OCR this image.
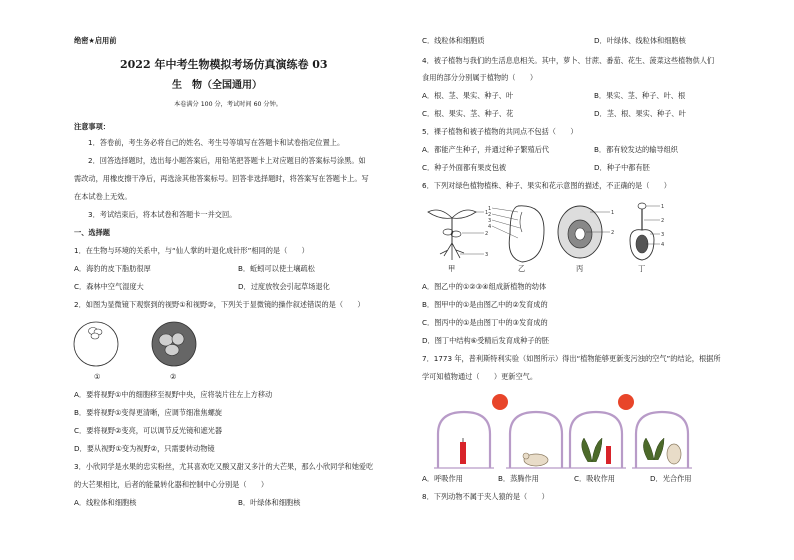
绝密★启用前
2022 年中考生物模拟考场仿真演练卷 03
生　物（全国通用）
本卷满分 100 分，考试时间 60 分钟。
注意事项：
1．答卷前，考生务必将自己的姓名、考生号等填写在答题卡和试卷指定位置上。
2．回答选择题时，选出每小题答案后，用铅笔把答题卡上对应题目的答案标号涂黑。如
需改动，用橡皮擦干净后，再选涂其他答案标号。回答非选择题时，将答案写在答题卡上。写
在本试卷上无效。
3．考试结束后，将本试卷和答题卡一并交回。
一、选择题
1．在生物与环境的关系中，与“仙人掌的叶退化成针形”相同的是（　　）
A．海豹的皮下脂肪很厚	B．蚯蚓可以使土壤疏松
C．森林中空气湿度大	D．过度放牧会引起草场退化
2．如图为显微镜下观察到的视野①和视野②，下列关于显微镜的操作叙述错误的是（　　）
①	②
A．要将视野①中的细胞移至视野中央，应将装片往左上方移动
B．要将视野①变得更清晰，应调节细准焦螺旋
C．要将视野②变亮，可以调节反光镜和遮光器
D．要从视野①变为视野②，只需要转动物镜
3．小欣同学是水果的忠实粉丝，尤其喜欢吃又酸又甜又多汁的大芒果，那么小欣同学和她爱吃
的大芒果相比，后者的能量转化器和控制中心分别是（　　）
A．线粒体和细胞核	B．叶绿体和细胞核
C．线粒体和细胞质	D．叶绿体、线粒体和细胞核
4．被子植物与我们的生活息息相关。其中，萝卜、甘蔗、番茄、花生、菠菜这些植物供人们
食用的部分分别属于植物的（　　）
A．根、茎、果实、种子、叶	B．果实、茎、种子、叶、根
C．根、果实、茎、种子、花	D．茎、根、果实、种子、叶
5．裸子植物和被子植物的共同点不包括（　　）
A．都能产生种子，并通过种子繁殖后代	B．都有较发达的输导组织
C．种子外面都有果皮包被	D．种子中都有胚
6．下列对绿色植物植株、种子、果实和花示意图的描述，不正确的是（　　）
1
2
3
1
2
3
4
1
2
1
2
3
4
甲	乙	丙	丁
A．图乙中的①②③④组成新植物的幼体
B．图甲中的①是由图乙中的②发育成的
C．图丙中的①是由图丁中的③发育成的
D．图丁中结构⑥受精后发育成种子的胚
7．1773 年，普利斯特利实验（如图所示）得出“植物能够更新变污浊的空气”的结论，根据所
学可知植物通过（　　）更新空气。
A．呼吸作用	B．蒸腾作用	C．吸收作用	D．光合作用
8．下列动物不属于夹人猿的是（　　）
